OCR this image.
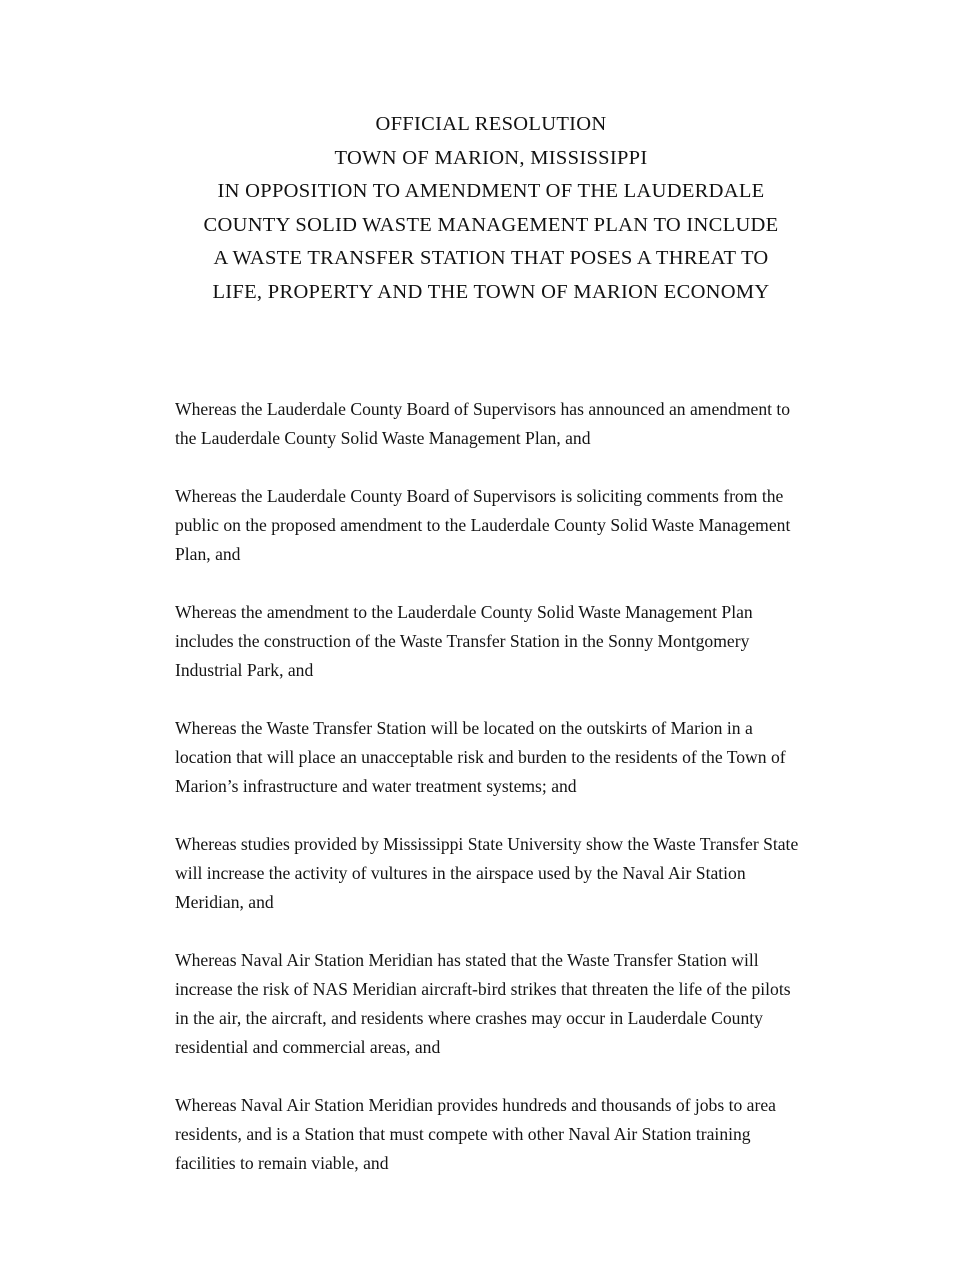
OFFICIAL RESOLUTION
TOWN OF MARION, MISSISSIPPI
IN OPPOSITION TO AMENDMENT OF THE LAUDERDALE
COUNTY SOLID WASTE MANAGEMENT PLAN TO INCLUDE
A WASTE TRANSFER STATION THAT POSES A THREAT TO
LIFE, PROPERTY AND THE TOWN OF MARION ECONOMY

Whereas the Lauderdale County Board of Supervisors has announced an amendment to the Lauderdale County Solid Waste Management Plan, and

Whereas the Lauderdale County Board of Supervisors is soliciting comments from the public on the proposed amendment to the Lauderdale County Solid Waste Management Plan, and

Whereas the amendment to the Lauderdale County Solid Waste Management Plan includes the construction of the Waste Transfer Station in the Sonny Montgomery Industrial Park, and

Whereas the Waste Transfer Station will be located on the outskirts of Marion in a location that will place an unacceptable risk and burden to the residents of the Town of Marion’s infrastructure and water treatment systems; and

Whereas studies provided by Mississippi State University show the Waste Transfer State will increase the activity of vultures in the airspace used by the Naval Air Station Meridian, and

Whereas Naval Air Station Meridian has stated that the Waste Transfer Station will increase the risk of NAS Meridian aircraft-bird strikes that threaten the life of the pilots in the air, the aircraft, and residents where crashes may occur in Lauderdale County residential and commercial areas, and

Whereas Naval Air Station Meridian provides hundreds and thousands of jobs to area residents, and is a Station that must compete with other Naval Air Station training facilities to remain viable, and
